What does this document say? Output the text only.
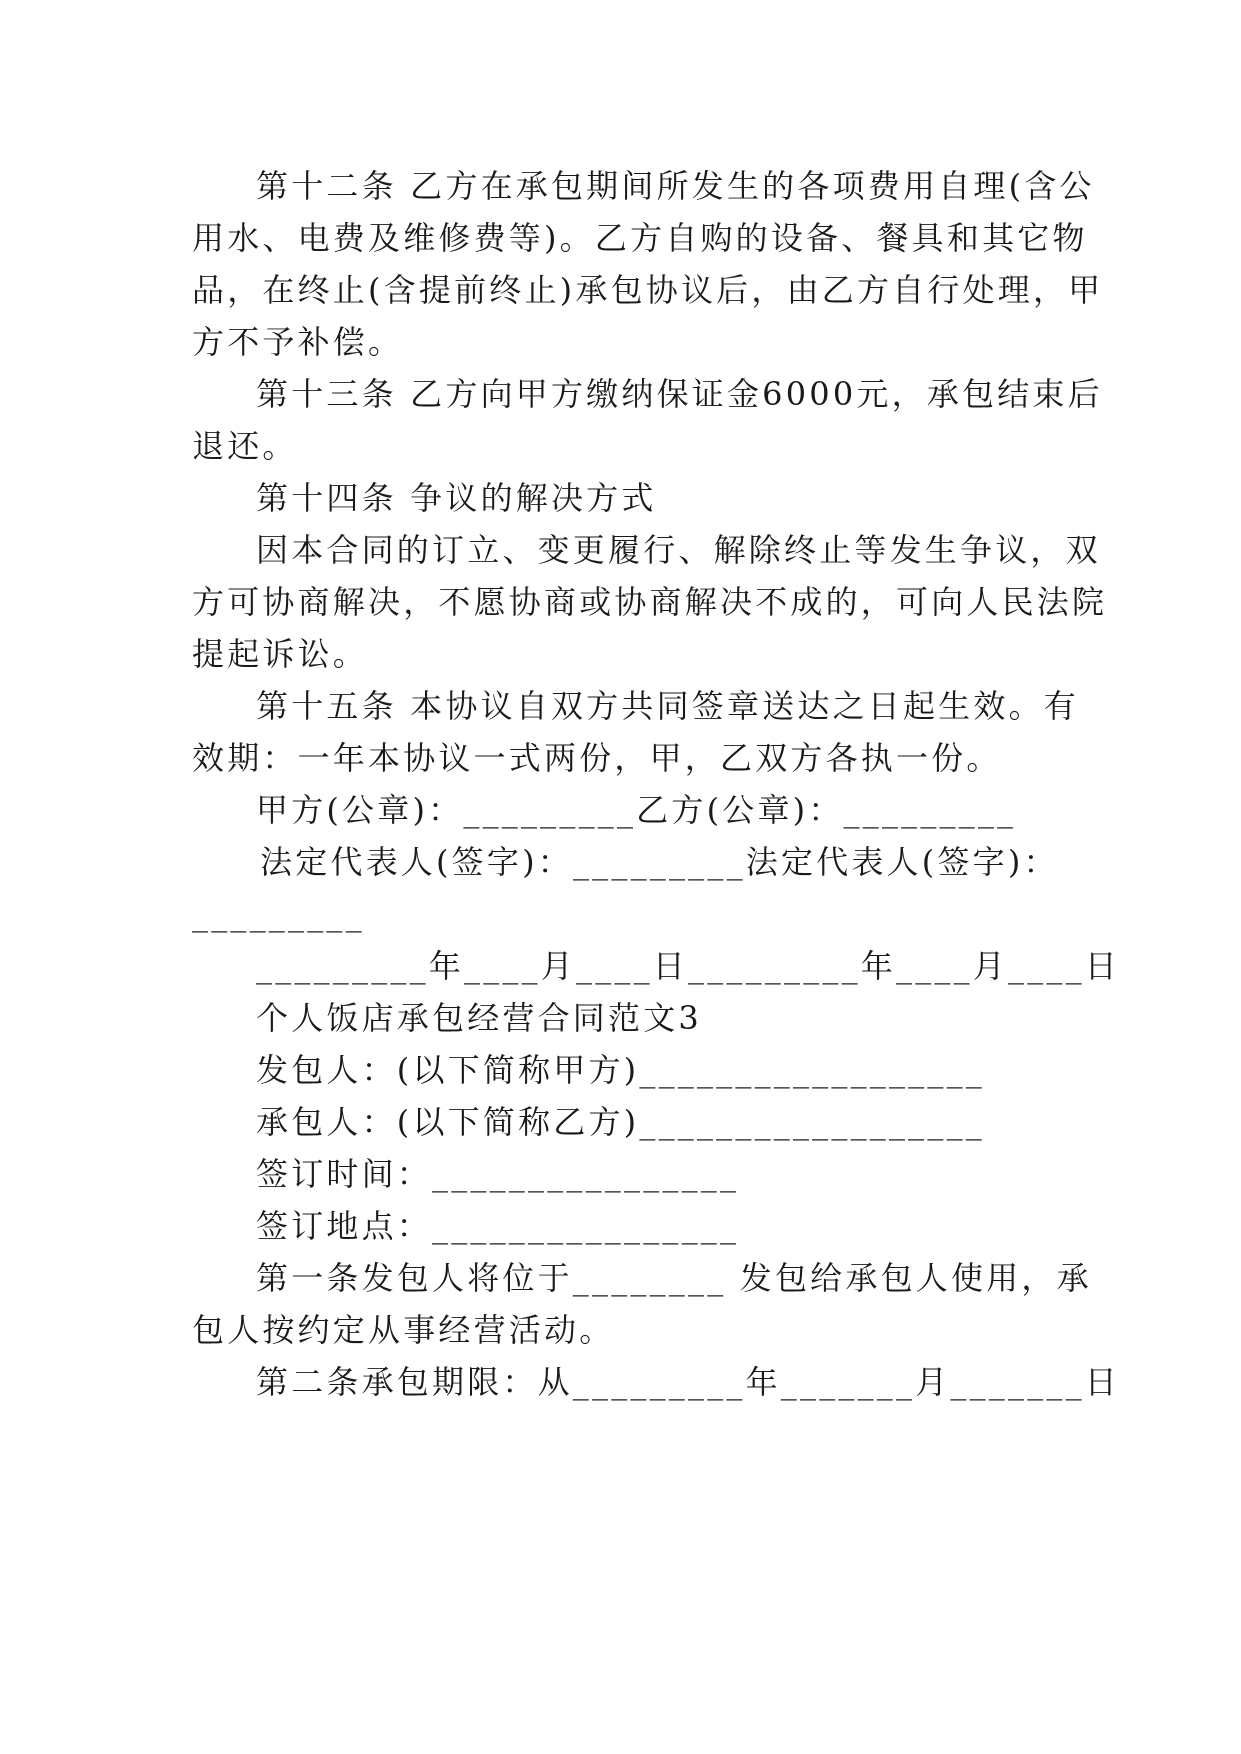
第十二条 乙方在承包期间所发生的各项费用自理(含公
用水、电费及维修费等)。乙方自购的设备、餐具和其它物
品，在终止(含提前终止)承包协议后，由乙方自行处理，甲
方不予补偿。
第十三条 乙方向甲方缴纳保证金6000元，承包结束后
退还。
第十四条 争议的解决方式
因本合同的订立、变更履行、解除终止等发生争议，双
方可协商解决，不愿协商或协商解决不成的，可向人民法院
提起诉讼。
第十五条 本协议自双方共同签章送达之日起生效。有
效期：一年本协议一式两份，甲，乙双方各执一份。
甲方(公章)：_________乙方(公章)：_________
法定代表人(签字)：_________法定代表人(签字)：
_________
_________年____月____日_________年____月____日
个人饭店承包经营合同范文3
发包人：(以下简称甲方)__________________
承包人：(以下简称乙方)__________________
签订时间：________________
签订地点：________________
第一条发包人将位于________ 发包给承包人使用，承
包人按约定从事经营活动。
第二条承包期限：从_________年_______月_______日
